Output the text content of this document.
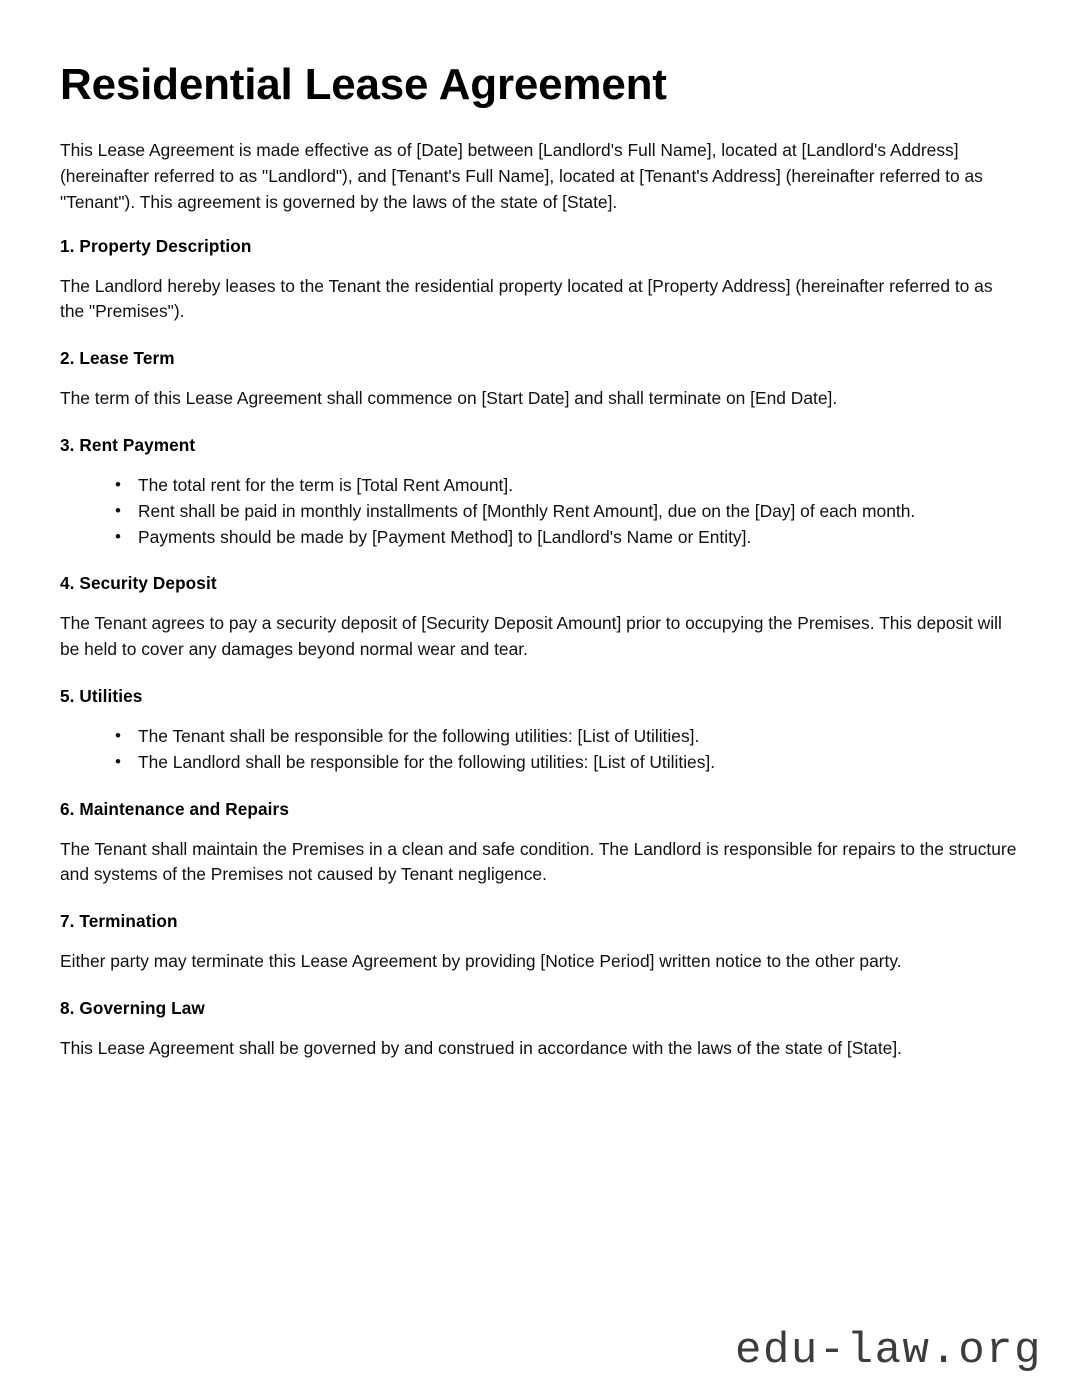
Residential Lease Agreement

This Lease Agreement is made effective as of [Date] between [Landlord's Full Name], located at [Landlord's Address] (hereinafter referred to as "Landlord"), and [Tenant's Full Name], located at [Tenant's Address] (hereinafter referred to as "Tenant"). This agreement is governed by the laws of the state of [State].

1. Property Description

The Landlord hereby leases to the Tenant the residential property located at [Property Address] (hereinafter referred to as the "Premises").

2. Lease Term

The term of this Lease Agreement shall commence on [Start Date] and shall terminate on [End Date].

3. Rent Payment
• The total rent for the term is [Total Rent Amount].
• Rent shall be paid in monthly installments of [Monthly Rent Amount], due on the [Day] of each month.
• Payments should be made by [Payment Method] to [Landlord's Name or Entity].
4. Security Deposit

The Tenant agrees to pay a security deposit of [Security Deposit Amount] prior to occupying the Premises. This deposit will be held to cover any damages beyond normal wear and tear.

5. Utilities
• The Tenant shall be responsible for the following utilities: [List of Utilities].
• The Landlord shall be responsible for the following utilities: [List of Utilities].
6. Maintenance and Repairs

The Tenant shall maintain the Premises in a clean and safe condition. The Landlord is responsible for repairs to the structure and systems of the Premises not caused by Tenant negligence.

7. Termination

Either party may terminate this Lease Agreement by providing [Notice Period] written notice to the other party.

8. Governing Law

This Lease Agreement shall be governed by and construed in accordance with the laws of the state of [State].

edu-law.org
